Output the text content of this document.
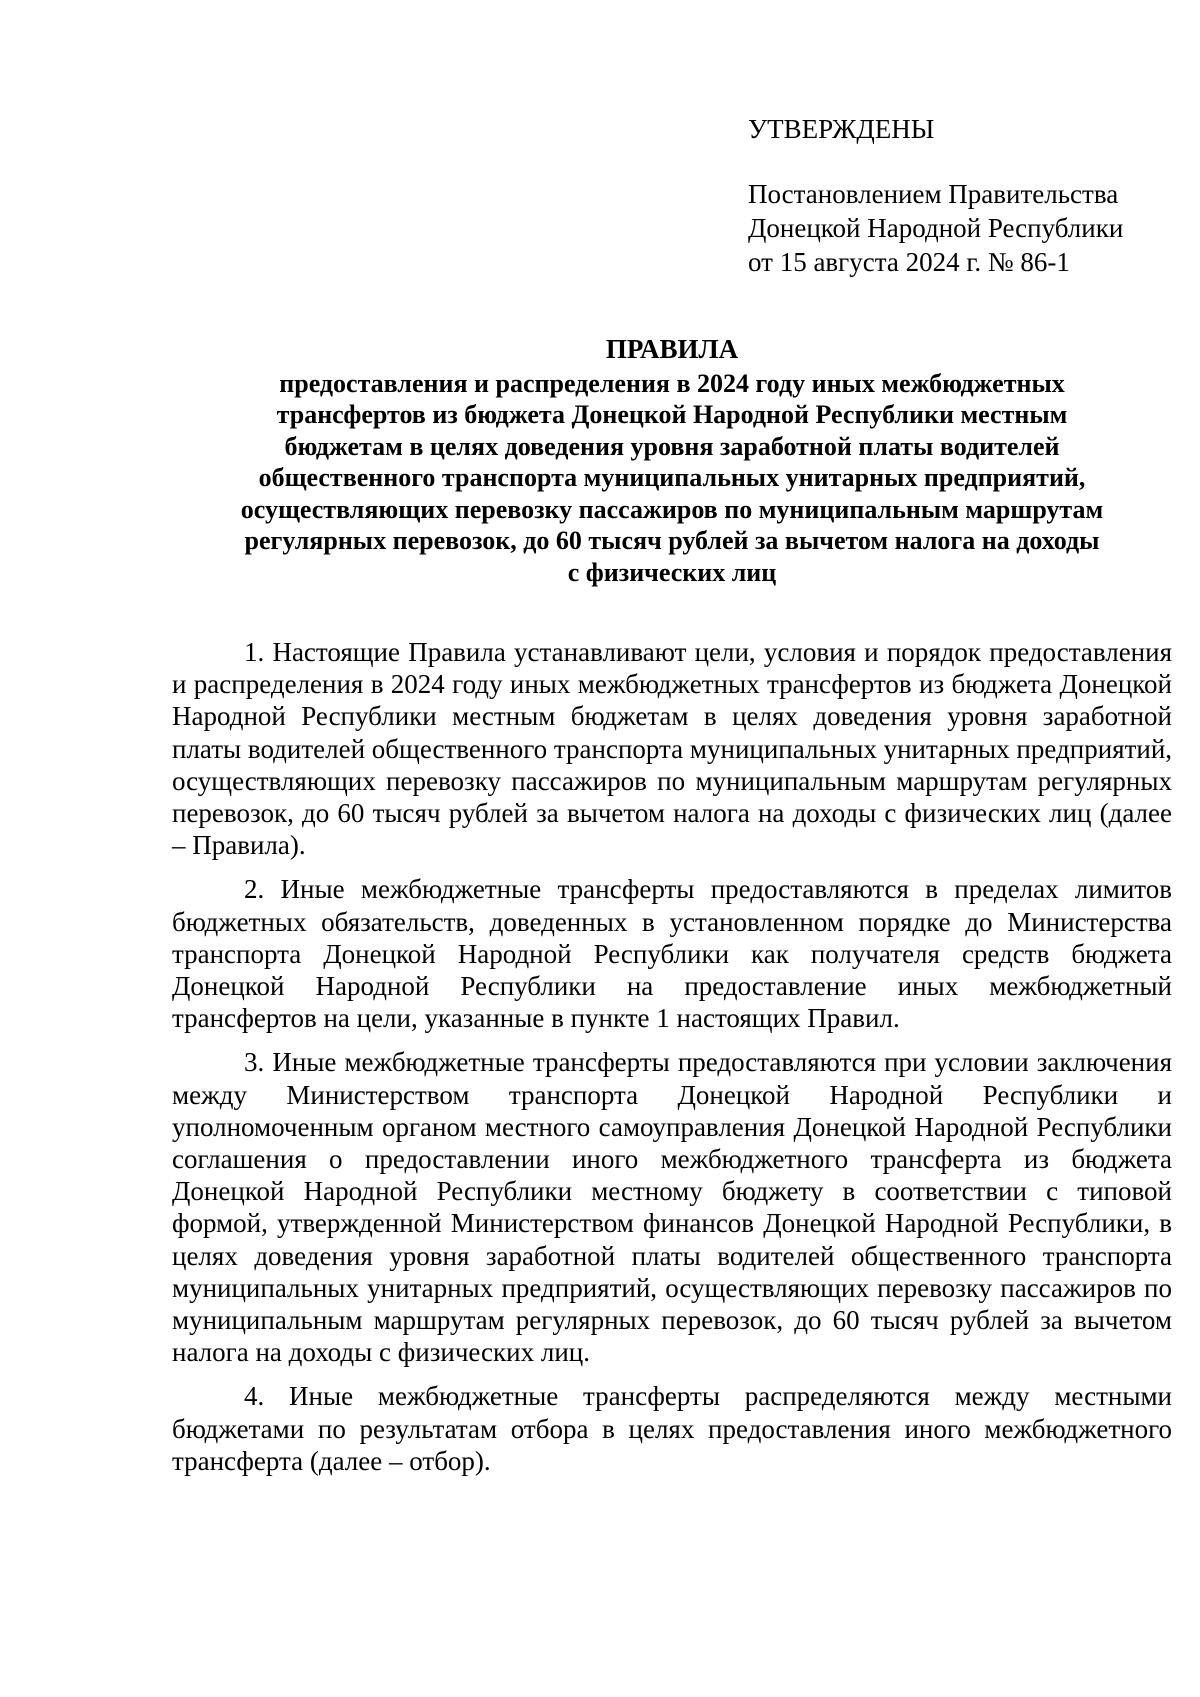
УТВЕРЖДЕНЫ

Постановлением Правительства

Донецкой Народной Республики

от 15 августа 2024 г. № 86-1

ПРАВИЛА

предоставления и распределения в 2024 году иных межбюджетных

трансфертов из бюджета Донецкой Народной Республики местным

бюджетам в целях доведения уровня заработной платы водителей

общественного транспорта муниципальных унитарных предприятий,

осуществляющих перевозку пассажиров по муниципальным маршрутам

регулярных перевозок, до 60 тысяч рублей за вычетом налога на доходы

с физических лиц

1. Настоящие Правила устанавливают цели, условия и порядок предоставления и распределения в 2024 году иных межбюджетных трансфертов из бюджета Донецкой Народной Республики местным бюджетам в целях доведения уровня заработной платы водителей общественного транспорта муниципальных унитарных предприятий, осуществляющих перевозку пассажиров по муниципальным маршрутам регулярных перевозок, до 60 тысяч рублей за вычетом налога на доходы с физических лиц (далее – Правила).

2. Иные межбюджетные трансферты предоставляются в пределах лимитов бюджетных обязательств, доведенных в установленном порядке до Министерства транспорта Донецкой Народной Республики как получателя средств бюджета Донецкой Народной Республики на предоставление иных межбюджетный трансфертов на цели, указанные в пункте 1 настоящих Правил.

3. Иные межбюджетные трансферты предоставляются при условии заключения между Министерством транспорта Донецкой Народной Республики и уполномоченным органом местного самоуправления Донецкой Народной Республики соглашения о предоставлении иного межбюджетного трансферта из бюджета Донецкой Народной Республики местному бюджету в соответствии с типовой формой, утвержденной Министерством финансов Донецкой Народной Республики, в целях доведения уровня заработной платы водителей общественного транспорта муниципальных унитарных предприятий, осуществляющих перевозку пассажиров по муниципальным маршрутам регулярных перевозок, до 60 тысяч рублей за вычетом налога на доходы с физических лиц.

4. Иные межбюджетные трансферты распределяются между местными бюджетами по результатам отбора в целях предоставления иного межбюджетного трансферта (далее – отбор).
